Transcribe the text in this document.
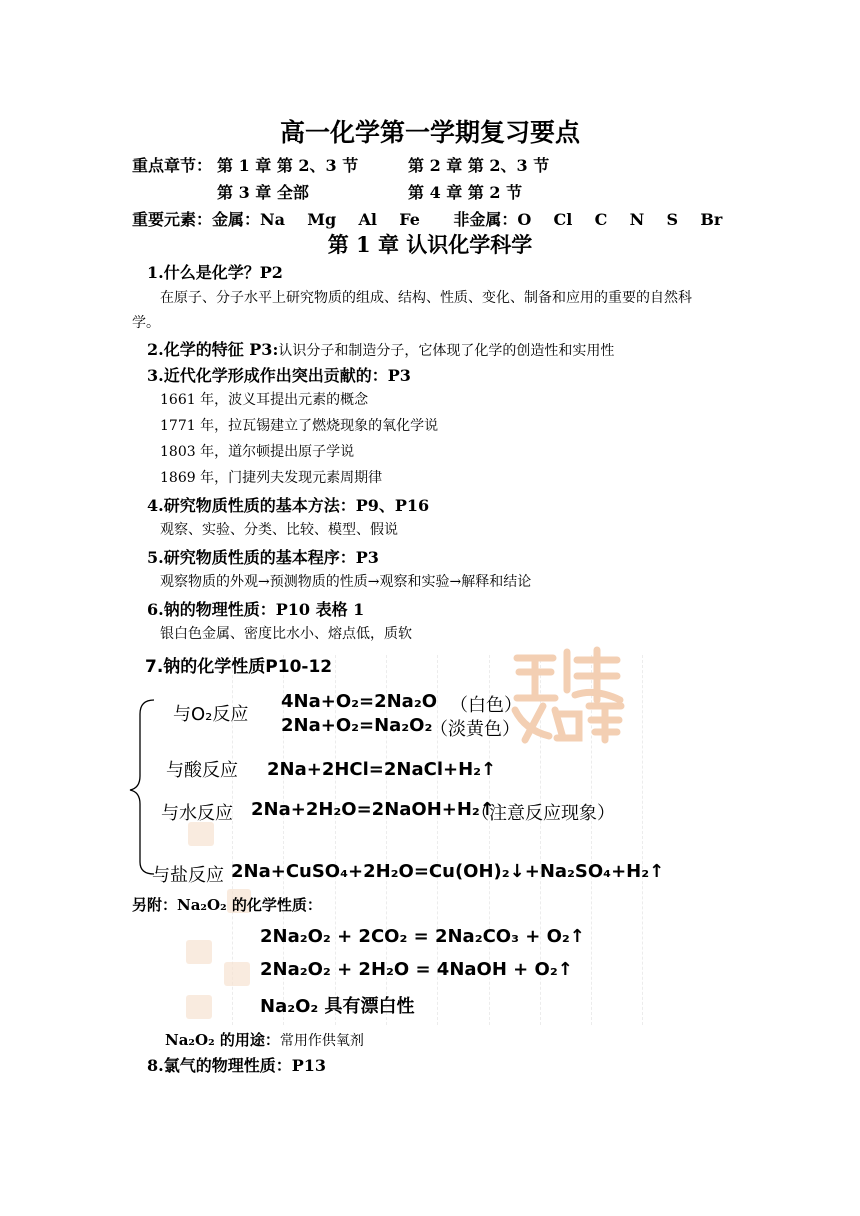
高一化学第一学期复习要点
重点章节： 第 1 章 第 2、3 节	第 2 章 第 2、3 节
第 3 章 全部	第 4 章 第 2 节
重要元素：金属：Na    Mg    Al    Fe      非金属：O    Cl    C    N    S    Br
第 1 章 认识化学科学
1.什么是化学？P2
在原子、分子水平上研究物质的组成、结构、性质、变化、制备和应用的重要的自然科
学。
2.化学的特征 P3:认识分子和制造分子，它体现了化学的创造性和实用性
3.近代化学形成作出突出贡献的：P3
1661 年，波义耳提出元素的概念
1771 年，拉瓦锡建立了燃烧现象的氧化学说
1803 年，道尔顿提出原子学说
1869 年，门捷列夫发现元素周期律
4.研究物质性质的基本方法：P9、P16
观察、实验、分类、比较、模型、假说
5.研究物质性质的基本程序：P3
观察物质的外观→预测物质的性质→观察和实验→解释和结论
6.钠的物理性质：P10 表格 1
银白色金属、密度比水小、熔点低，质软
7.钠的化学性质P10-12
与O₂反应
4Na+O₂=2Na₂O （白色）
2Na+O₂=Na₂O₂
（淡黄色）
与酸反应 2Na+2HCl=2NaCl+H₂↑
与水反应 2Na+2H₂O=2NaOH+H₂↑
（注意反应现象）
与盐反应 2Na+CuSO₄+2H₂O=Cu(OH)₂↓+Na₂SO₄+H₂↑
另附：Na₂O₂ 的化学性质：
2Na₂O₂ + 2CO₂ = 2Na₂CO₃ + O₂↑
2Na₂O₂ + 2H₂O = 4NaOH + O₂↑
Na₂O₂ 具有漂白性
Na₂O₂ 的用途：常用作供氧剂
8.氯气的物理性质：P13
